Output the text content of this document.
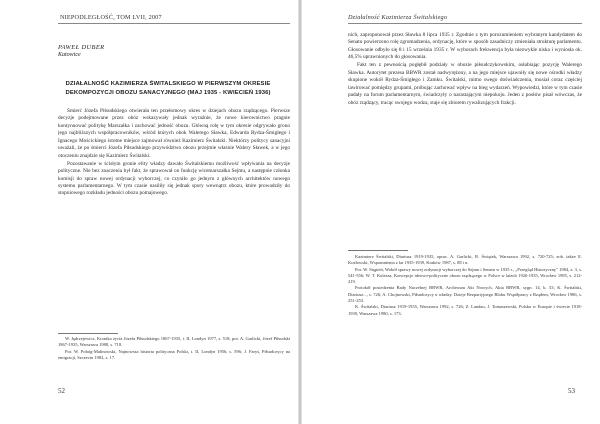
NIEPODLEGŁOŚĆ, TOM LVII, 2007
PAWEŁ DUBER
Katowice
DZIAŁALNOŚĆ KAZIMIERZA ŚWITALSKIEGO W PIERWSZYM OKRESIE DEKOMPOZYCJI OBOZU SANACYJNEGO (MAJ 1935 - KWIECIEŃ 1936)

Śmierć Józefa Piłsudskiego otwierała ten przełomowy okres w dziejach obozu rządzącego. Pierwsze decyzje podejmowane przez obóz wskazywały jednak wyraźnie, że nowe kierownictwo pragnie kontynuować politykę Marszałka i zachować jedność obozu. Główną rolę w tym okresie odgrywało grono jego najbliższych współpracowników, wśród których obok Walerego Sławka, Edwarda Rydza-Śmigłego i Ignacego Mościckiego istotne miejsce zajmował również Kazimierz Świtalski. Niektórzy politycy sanacyjni uważali, że po śmierci Józefa Piłsudskiego przywództwo obozu przejmie właśnie Walery Sławek, a w jego otoczeniu znajdzie się Kazimierz Świtalski.

Pozostawanie w ścisłym gronie elity władzy dawało Świtalskiemu możliwość wpływania na decyzje polityczne. Nie bez znaczenia był fakt, że sprawował on funkcję wicemarszałka Sejmu, a następnie członka komisji do spraw nowej ordynacji wyborczej, co czyniło go jednym z głównych architektów nowego systemu parlamentarnego. W tym czasie nasiliły się jednak spory wewnątrz obozu, które prowadziły do stopniowego rozkładu jedności obozu pomajowego.

W. Jędrzejewicz, Kronika życia Józefa Piłsudskiego 1867-1935, t. II, Londyn 1977, s. 518; por. A. Garlicki, Józef Piłsudski 1867-1935, Warszawa 1988, s. 718.

Por. W. Pobóg-Malinowski, Najnowsza historia polityczna Polski, t. II, Londyn 1956, s. 596; J. Faryś, Piłsudczycy na emigracji, Szczecin 1982, s. 17.

52
Działalność Kazimierza Świtalskiego

nich, zaproponował przez Sławka 8 lipca 1935 r. Zgodnie z tym porozumieniem wybranym kandydatem do Senatu powierzono rolę zgromadzenia, ordynację, które w sposób zasadniczy zmieniała strukturę parlamentu. Głosowanie odbyło się 8 i 15 września 1935 r. W wyborach frekwencja była niezwykle niska i wyniosła ok. 46,5% uprawnionych do głosowania.

Fakt ten z pewnością pogłębił podziały w obozie piłsudczykowskim, osłabiając pozycję Walerego Sławka. Autorytet prezesa BBWR został nadwyrężony, a na jego miejsce ujawniły się nowe ośrodki władzy skupione wokół Rydza-Śmigłego i Zamku. Świtalski, mimo swego doświadczenia, musiał coraz częściej lawirować pomiędzy grupami, próbując zachować wpływ na bieg wydarzeń. Wypowiedzi, które w tym czasie padały na forum parlamentarnym, świadczyły o narastającym niepokoju. Jeden z posłów pisał wówczas, że obóz rządzący, tracąc swojego wodza, staje się zbiorem rywalizujących frakcji.

Kazimierz Świtalski, Diariusz 1919-1935, oprac. A. Garlicki, R. Świętek, Warszawa 1992, s. 720-725; zob. także E. Kozłowski, Wspomnienia z lat 1935-1939, Kraków 1987, s. 88 i n.

Por. W. Stępień, Wokół sprawy nowej ordynacji wyborczej do Sejmu i Senatu w 1935 r., „Przegląd Historyczny" 1984, z. 3, s. 541-556; W. T. Kulesza, Koncepcje ideowo-polityczne obozu rządzącego w Polsce w latach 1926-1935, Wrocław 1985, s. 212-219.

Protokół posiedzenia Rady Naczelnej BBWR, Archiwum Akt Nowych, Akta BBWR, sygn. 14, k. 33; K. Świtalski, Diariusz..., s. 726; A. Chojnowski, Piłsudczycy u władzy. Dzieje Bezpartyjnego Bloku Współpracy z Rządem, Wrocław 1986, s. 251-253.

K. Świtalski, Diariusz 1919-1935, Warszawa 1992, s. 726; Z. Landau, J. Tomaszewski, Polska w Europie i świecie 1918-1939, Warszawa 1980, s. 173.

53
